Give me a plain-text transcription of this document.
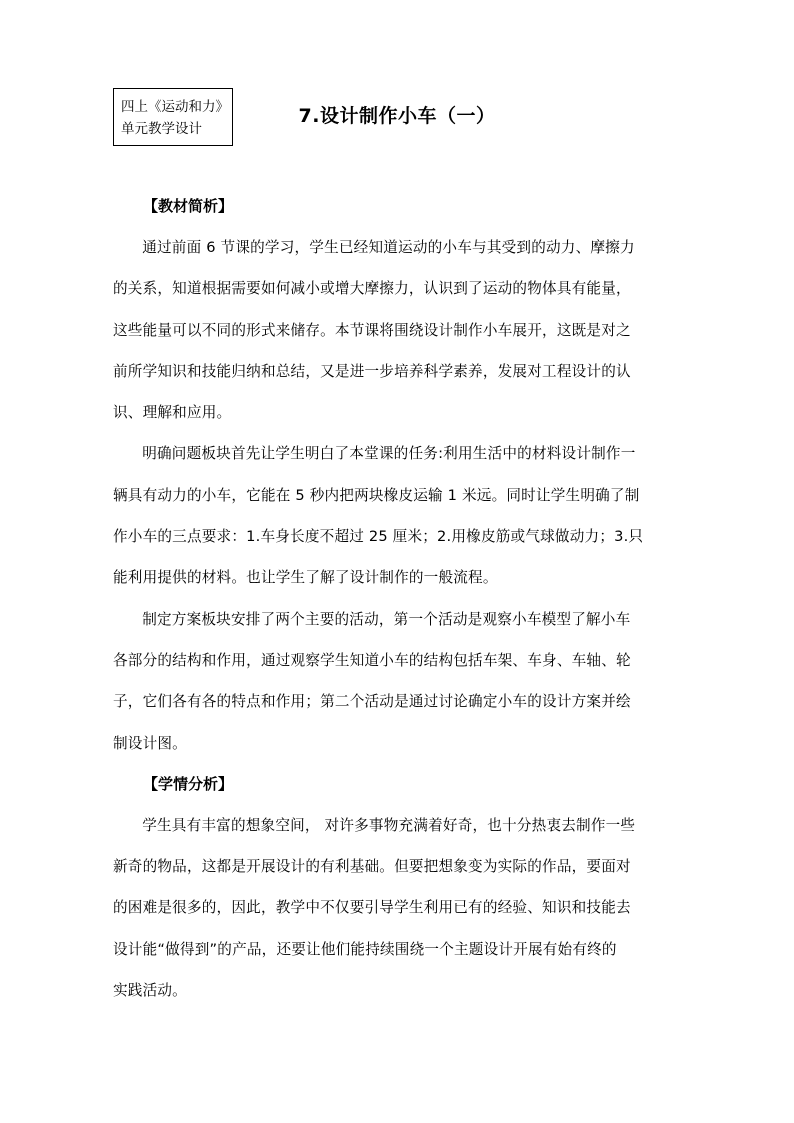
四上《运动和力》
单元教学设计
7.设计制作小车（一）
【教材简析】
通过前面 6 节课的学习，学生已经知道运动的小车与其受到的动力、摩擦力
的关系，知道根据需要如何减小或增大摩擦力，认识到了运动的物体具有能量，
这些能量可以不同的形式来储存。本节课将围绕设计制作小车展开，这既是对之
前所学知识和技能归纳和总结，又是进一步培养科学素养，发展对工程设计的认
识、理解和应用。
明确问题板块首先让学生明白了本堂课的任务:利用生活中的材料设计制作一
辆具有动力的小车，它能在 5 秒内把两块橡皮运输 1 米远。同时让学生明确了制
作小车的三点要求：1.车身长度不超过 25 厘米；2.用橡皮筋或气球做动力；3.只
能利用提供的材料。也让学生了解了设计制作的一般流程。
制定方案板块安排了两个主要的活动，第一个活动是观察小车模型了解小车
各部分的结构和作用，通过观察学生知道小车的结构包括车架、车身、车轴、轮
子，它们各有各的特点和作用；第二个活动是通过讨论确定小车的设计方案并绘
制设计图。
【学情分析】
学生具有丰富的想象空间， 对许多事物充满着好奇，也十分热衷去制作一些
新奇的物品，这都是开展设计的有利基础。但要把想象变为实际的作品，要面对
的困难是很多的，因此，教学中不仅要引导学生利用已有的经验、知识和技能去
设计能“做得到”的产品，还要让他们能持续围绕一个主题设计开展有始有终的
实践活动。
